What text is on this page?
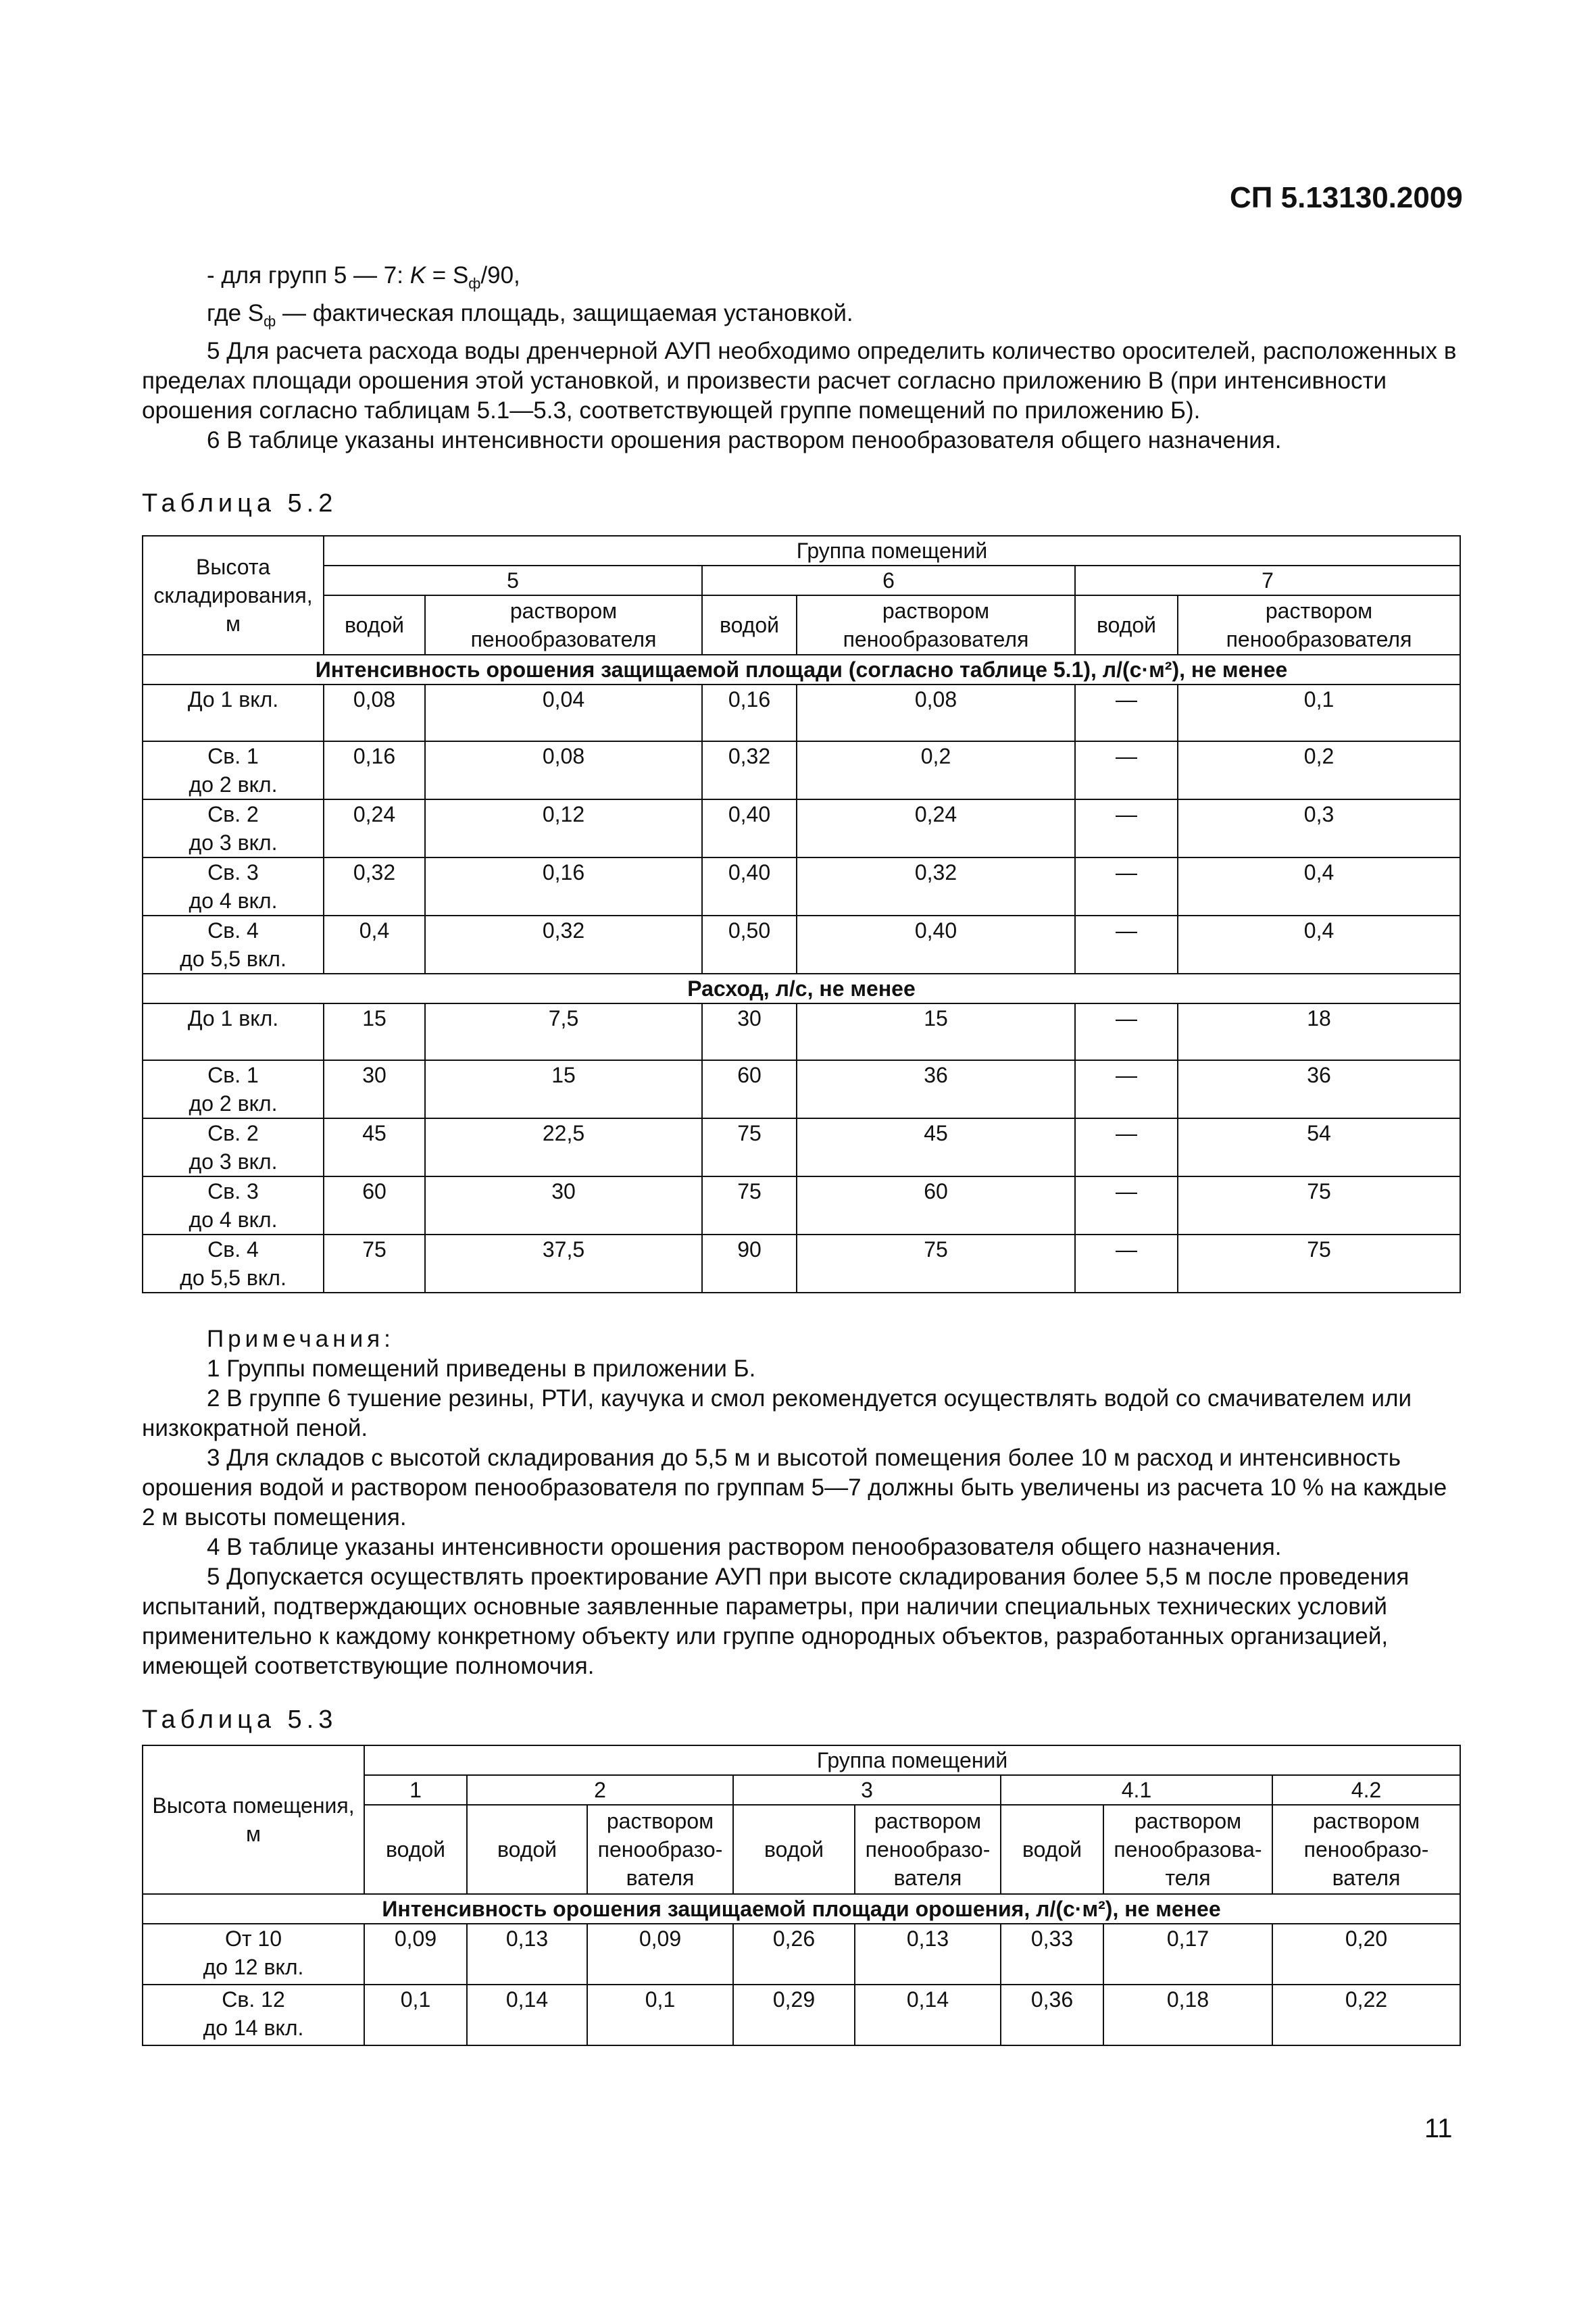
СП 5.13130.2009

- для групп 5 — 7: $K = S_ф/90$,

где $S_ф$ — фактическая площадь, защищаемая установкой.

5 Для расчета расхода воды дренчерной АУП необходимо определить количество оросителей, расположенных в пределах площади орошения этой установкой, и произвести расчет согласно приложению В (при интенсивности орошения согласно таблицам 5.1—5.3, соответствующей группе помещений по приложению Б).

6 В таблице указаны интенсивности орошения раствором пенообразователя общего назначения.

Таблица 5.2
Высота складирования, м	Группа помещений					
	5		6		7	
	водой	раствором пенообразователя	водой	раствором пенообразователя	водой	раствором пенообразователя
Интенсивность орошения защищаемой площади (согласно таблице 5.1), л/(с·м²), не менее						

До 1 вкл.	0,08	0,04	0,16	0,08	—	0,1

Св. 1
до 2 вкл.	0,16	0,08	0,32	0,2	—	0,2

Св. 2
до 3 вкл.	0,24	0,12	0,40	0,24	—	0,3

Св. 3
до 4 вкл.	0,32	0,16	0,40	0,32	—	0,4

Св. 4
до 5,5 вкл.	0,4	0,32	0,50	0,40	—	0,4
Расход, л/с, не менее						

До 1 вкл.	15	7,5	30	15	—	18

Св. 1
до 2 вкл.	30	15	60	36	—	36

Св. 2
до 3 вкл.	45	22,5	75	45	—	54

Св. 3
до 4 вкл.	60	30	75	60	—	75

Св. 4
до 5,5 вкл.	75	37,5	90	75	—	75

Примечания:

1 Группы помещений приведены в приложении Б.

2 В группе 6 тушение резины, РТИ, каучука и смол рекомендуется осуществлять водой со смачивателем или низкократной пеной.

3 Для складов с высотой складирования до 5,5 м и высотой помещения более 10 м расход и интенсивность орошения водой и раствором пенообразователя по группам 5—7 должны быть увеличены из расчета 10 % на каждые 2 м высоты помещения.

4 В таблице указаны интенсивности орошения раствором пенообразователя общего назначения.

5 Допускается осуществлять проектирование АУП при высоте складирования более 5,5 м после проведения испытаний, подтверждающих основные заявленные параметры, при наличии специальных технических условий применительно к каждому конкретному объекту или группе однородных объектов, разработанных организацией, имеющей соответствующие полномочия.

Таблица 5.3
Высота помещения, м	Группа помещений							
	1	2		3		4.1		4.2
	водой	водой	раствором пенообразо-вателя	водой	раствором пенообразо-вателя	водой	раствором пенообразова-теля	раствором пенообразо-вателя
Интенсивность орошения защищаемой площади орошения, л/(с·м²), не менее								

От 10
до 12 вкл.	0,09	0,13	0,09	0,26	0,13	0,33	0,17	0,20

Св. 12
до 14 вкл.	0,1	0,14	0,1	0,29	0,14	0,36	0,18	0,22
11
